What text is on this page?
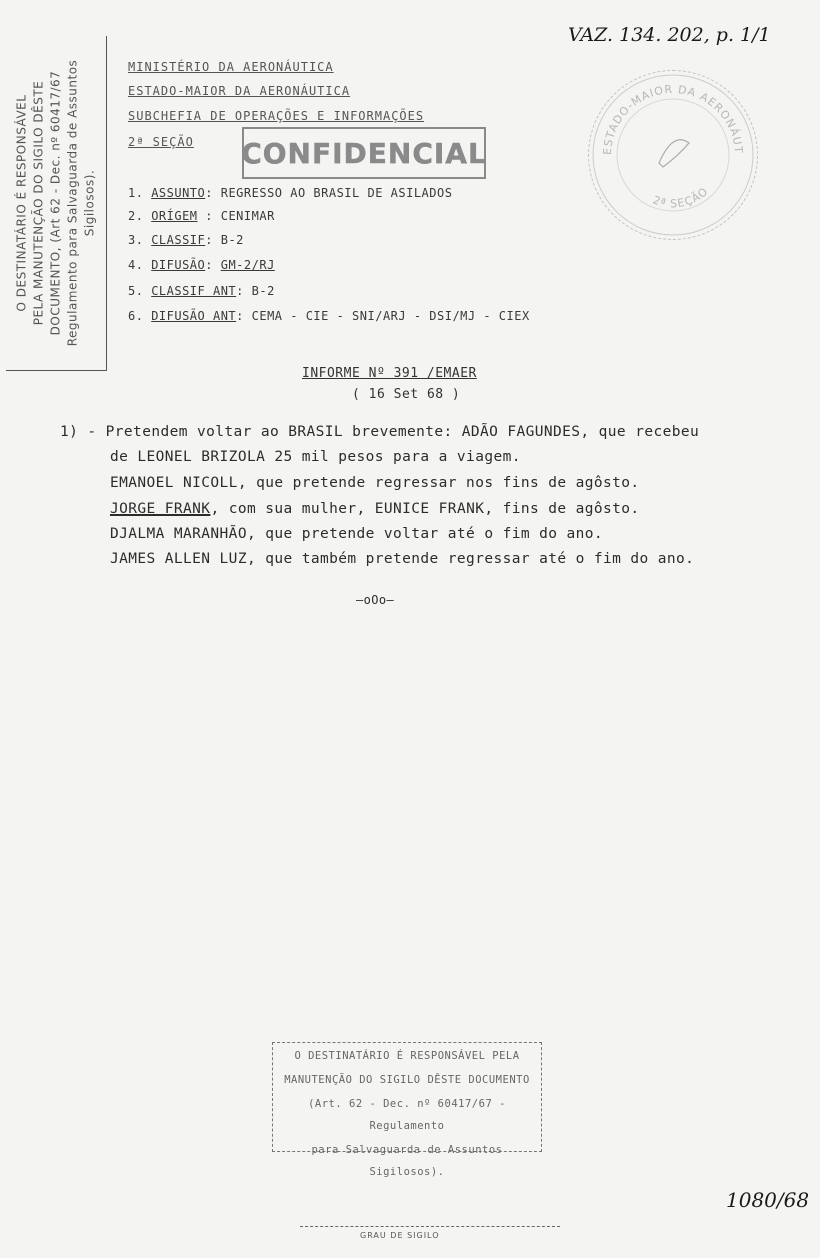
VAZ. 134. 202, p. 1/1
O DESTINATÁRIO É RESPONSÁVEL PELA MANUTENÇÃO DO SIGILO DÊSTE DOCUMENTO, (Art 62 - Dec. nº 60417/67 Regulamento para Salvaguarda de Assuntos Sigilosos).
MINISTÉRIO DA AERONÁUTICA
ESTADO-MAIOR DA AERONÁUTICA
SUBCHEFIA DE OPERAÇÕES E INFORMAÇÕES
2ª SEÇÃO CONFIDENCIAL	ESTADO-MAIOR DA AERONÁUT
2ª SEÇÃO
1. ASSUNTO: REGRESSO AO BRASIL DE ASILADOS
2. ORÍGEM : CENIMAR
3. CLASSIF: B-2
4. DIFUSÃO: GM-2/RJ
5. CLASSIF ANT: B-2
6. DIFUSÃO ANT: CEMA - CIE - SNI/ARJ - DSI/MJ - CIEX
INFORME Nº 391 /EMAER
( 16 Set 68 )
1) - Pretendem voltar ao BRASIL brevemente: ADÃO FAGUNDES, que recebeu
de LEONEL BRIZOLA 25 mil pesos para a viagem.
EMANOEL NICOLL, que pretende regressar nos fins de agôsto.
JORGE FRANK, com sua mulher, EUNICE FRANK, fins de agôsto.
DJALMA MARANHÃO, que pretende voltar até o fim do ano.
JAMES ALLEN LUZ, que também pretende regressar até o fim do ano.
—oOo—
1080/68
O DESTINATÁRIO É RESPONSÁVEL PELA
MANUTENÇÃO DO SIGILO DÊSTE DOCUMENTO
(Art. 62 - Dec. nº 60417/67 - Regulamento
para Salvaguarda de Assuntos Sigilosos).
GRAU DE SIGILO
